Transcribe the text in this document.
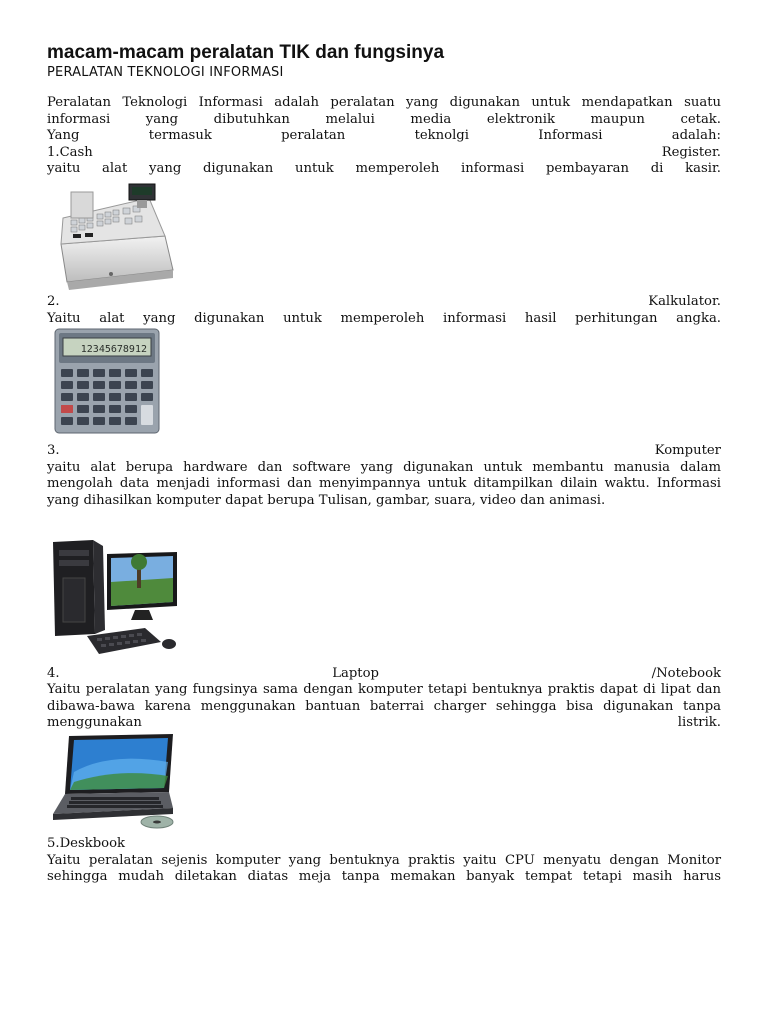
macam-macam peralatan TIK dan fungsinya

PERALATAN TEKNOLOGI INFORMASI

Peralatan Teknologi Informasi adalah peralatan yang digunakan untuk mendapatkan suatu

informasi yang dibutuhkan melalui media elektronik maupun cetak.

Yang	termasuk	peralatan	teknolgi	Informasi	adalah:
1.Cash	Register.

yaitu alat yang digunakan untuk memperoleh informasi pembayaran di kasir.

2.	Kalkulator.

Yaitu alat yang digunakan untuk memperoleh informasi hasil perhitungan angka.

12345678912
3.	Komputer

yaitu alat berupa hardware dan software yang digunakan untuk membantu manusia dalam mengolah data menjadi informasi dan menyimpannya untuk ditampilkan dilain waktu. Informasi yang dihasilkan komputer dapat berupa Tulisan, gambar, suara, video dan animasi.

4.	Laptop	/Notebook

Yaitu peralatan yang fungsinya sama dengan komputer tetapi bentuknya praktis dapat di lipat dan dibawa-bawa karena menggunakan bantuan baterrai charger sehingga bisa digunakan tanpa

menggunakan	listrik.

5.Deskbook

Yaitu peralatan sejenis komputer yang bentuknya praktis yaitu CPU menyatu dengan Monitor sehingga mudah diletakan diatas meja tanpa memakan banyak tempat tetapi masih harus
